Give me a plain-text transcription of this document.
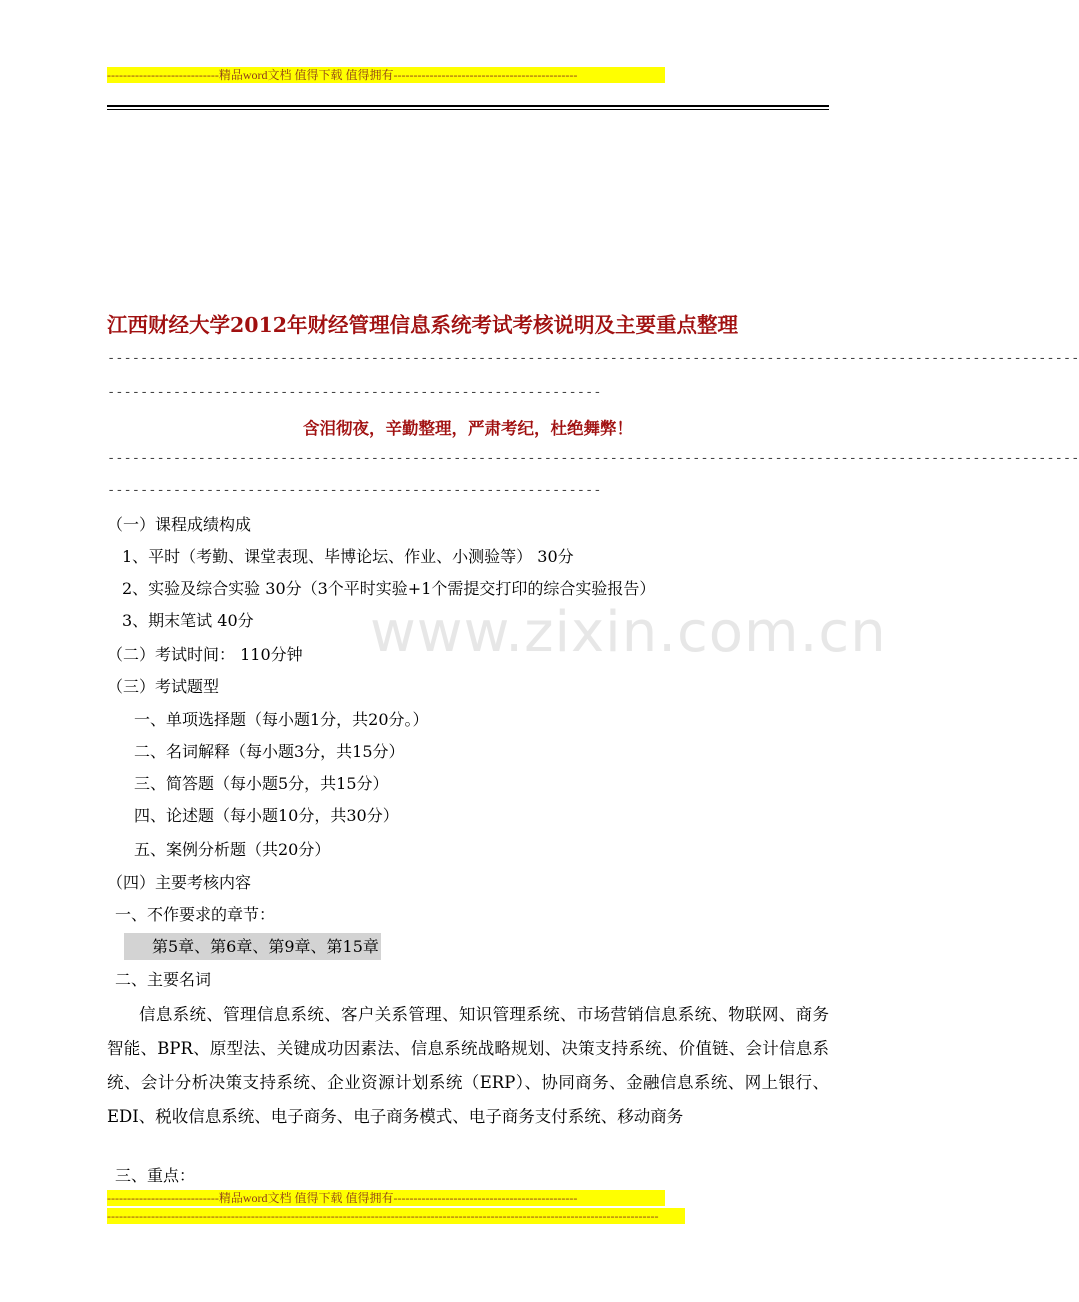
----------------------------精品word文档 值得下载 值得拥有----------------------------------------------
江西财经大学2012年财经管理信息系统考试考核说明及主要重点整理
----------------------------------------------------------------------------------------------------------------------
------------------------------------------------------------
含泪彻夜，辛勤整理，严肃考纪，杜绝舞弊！
----------------------------------------------------------------------------------------------------------------------
------------------------------------------------------------
www.zixin.com.cn
（一）课程成绩构成
1、平时（考勤、课堂表现、毕博论坛、作业、小测验等） 30分
2、实验及综合实验 30分（3个平时实验+1个需提交打印的综合实验报告）
3、期末笔试 40分
（二）考试时间： 110分钟
（三）考试题型
一、单项选择题（每小题1分，共20分。）
二、名词解释（每小题3分，共15分）
三、简答题（每小题5分，共15分）
四、论述题（每小题10分，共30分）
五、案例分析题（共20分）
（四）主要考核内容
一、不作要求的章节：
第5章、第6章、第9章、第15章
二、主要名词
信息系统、管理信息系统、客户关系管理、知识管理系统、市场营销信息系统、物联网、商务智能、BPR、原型法、关键成功因素法、信息系统战略规划、决策支持系统、价值链、会计信息系统、会计分析决策支持系统、企业资源计划系统（ERP）、协同商务、金融信息系统、网上银行、EDI、税收信息系统、电子商务、电子商务模式、电子商务支付系统、移动商务
三、重点：
----------------------------精品word文档 值得下载 值得拥有----------------------------------------------
------------------------------------------------------------------------------------------------------------------------------------------
